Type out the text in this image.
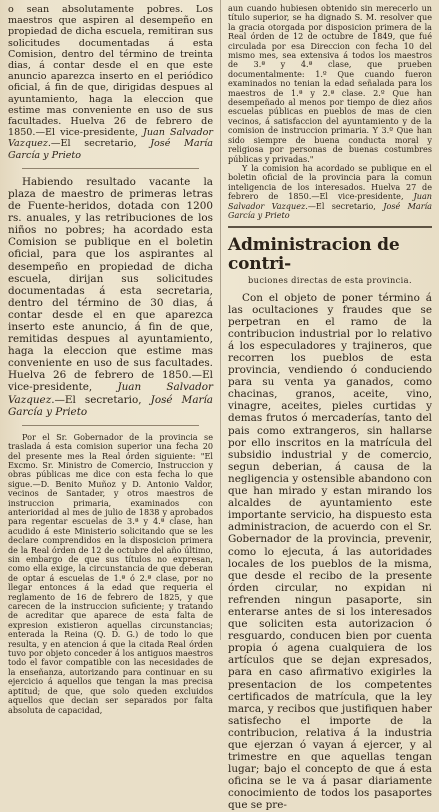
o sean absolutamente pobres. Los maestros que aspiren al desempeño en propiedad de dicha escuela, remitiran sus solicitudes documentadas á esta Comision, dentro del término de treinta dias, á contar desde el en que este anuncio aparezca inserto en el periódico oficial, á fin de que, dirigidas despues al ayuntamiento, haga la eleccion que estime mas conveniente en uso de sus facultades. Huelva 26 de febrero de 1850.—El vice-presidente, Juan Salvador Vazquez.—El secretario, José María García y Prieto

Habiendo resultado vacante la plaza de maestro de primeras letras de Fuente-heridos, dotada con 1200 rs. anuales, y las retribuciones de los niños no pobres; ha acordado esta Comision se publique en el boletin oficial, para que los aspirantes al desempeño en propiedad de dicha escuela, dirijan sus solicitudes documentadas á esta secretaria, dentro del término de 30 dias, á contar desde el en que aparezca inserto este anuncio, á fin de que, remitidas despues al ayuntamiento, haga la eleccion que estime mas conveniente en uso de sus facultades. Huelva 26 de febrero de 1850.—El vice-presidente, Juan Salvador Vazquez.—El secretario, José María García y Prieto

Por el Sr. Gobernador de la provincia se traslada á esta comision superior una fecha 20 del presente mes la Real órden siguiente: "El Excmo. Sr. Ministro de Comercio, Instruccion y obras públicas me dice con esta fecha lo que sigue.—D. Benito Muñoz y D. Antonio Valdor, vecinos de Santader, y otros maestros de instruccion primaria, examinados con anterioridad al mes de julio de 1838 y aprobados para regentar escuelas de 3.ª y 4.ª clase, han acudido á este Ministerio solicitando que se les declare comprendidos en la disposicion primera de la Real órden de 12 de octubre del año último, sin embargo de que sus títulos no expresan, como ella exige, la circunstancia de que deberan de optar á escuelas de 1.ª ó 2.ª clase, por no llegar entonces á la edad que requeria el reglamento de 16 de febrero de 1825, y que carecen de la instruccion suficiente; y tratando de acreditar que aparece de esta falta de expresion existieron aquellas circunstancias; enterada la Reina (Q. D. G.) de todo lo que resulta, y en atencion á que la citada Real órden tuvo por objeto conceder á los antiguos maestros todo el favor compatible con las necesidades de la enseñanza, autorizando para continuar en su ejercicio á aquellos que tengan la mas precisa aptitud; de que, que solo queden excluidos aquellos que decian ser separados por falta absoluta de capacidad,

aun cuando hubiesen obtenido sin merecerlo un título superior, se ha dignado S. M. resolver que la gracia otorgada por disposicion primera de la Real órden de 12 de octubre de 1849, que fué circulada por esa Direccion con fecha 10 del mismo mes, sea extensiva á todos los maestros de 3.ª y 4.ª clase, que prueben documentalmente: 1.º Que cuando fueron examinados no tenian la edad señalada para los maestros de 1.ª y 2.ª clase. 2.º Que han desempeñado al menos por tiempo de diez años escuelas públicas en pueblos de mas de cien vecinos, á satisfaccion del ayuntamiento y de la comision de instruccion primaria. Y 3.º Que han sido siempre de buena conducta moral y religiosa por personas de buenas costumbres públicas y privadas."

Y la comision ha acordado se publique en el boletin oficial de la provincia para la comun inteligencia de los interesados. Huelva 27 de febrero de 1850.—El vice-presidente, Juan Salvador Vazquez.—El secretario, José María García y Prieto

Administracion de contri-
buciones directas de esta provincia.

Con el objeto de poner término á las ocultaciones y fraudes que se perpetran en el ramo de la contribucion industrial por lo relativo á los especuladores y trajineros, que recorren los pueblos de esta provincia, vendiendo ó conduciendo para su venta ya ganados, como chacinas, granos, aceite, vino, vinagre, aceites, pieles curtidas y demas frutos ó mercaderías, tanto del pais como extrangeros, sin hallarse por ello inscritos en la matrícula del subsidio industrial y de comercio, segun deberian, á causa de la negligencia y ostensible abandono con que han mirado y estan mirando los alcaldes de ayuntamiento este importante servicio, ha dispuesto esta administracion, de acuerdo con el Sr. Gobernador de la provincia, prevenir, como lo ejecuta, á las autoridades locales de los pueblos de la misma, que desde el recibo de la presente órden circular, no expidan ni refrenden ningun pasaporte, sin enterarse antes de si los interesados que soliciten esta autorizacion ó resguardo, conducen bien por cuenta propia ó agena cualquiera de los artículos que se dejan expresados, para en caso afirmativo exigirles la presentacion de los competentes certificados de matrícula, que la ley marca, y recibos que justifiquen haber satisfecho el importe de la contribucion, relativa á la industria que ejerzan ó vayan á ejercer, y al trimestre en que aquellas tengan lugar; bajo el concepto de que á esta oficina se le va á pasar diariamente conocimiento de todos los pasaportes que se pre-
